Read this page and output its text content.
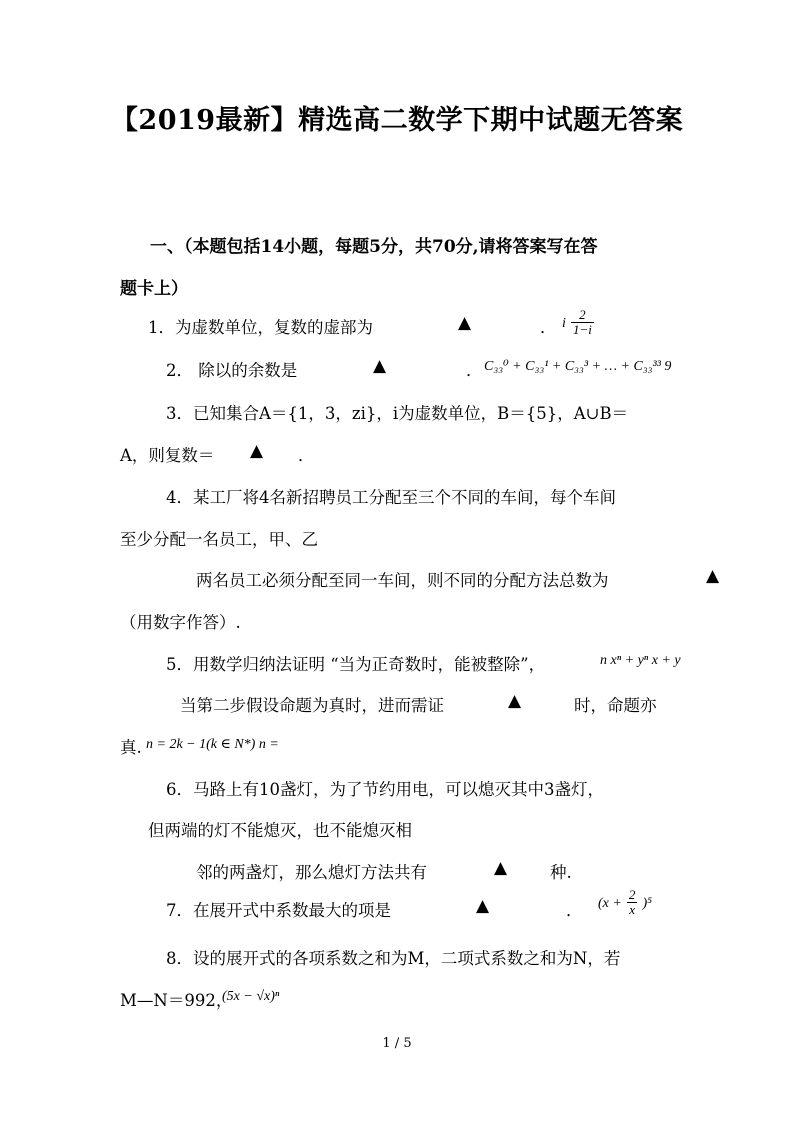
【2019最新】精选高二数学下期中试题无答案
一、（本题包括14小题，每题5分，共70分,请将答案写在答
题卡上）
1．为虚数单位，复数的虚部为	▲	． i $\frac{2}{1-i}$
2． 除以的余数是	▲	． C₃₃⁰ + C₃₃¹ + C₃₃³ + … + C₃₃³³ 9
3．已知集合A＝{1，3，zi}，i为虚数单位，B＝{5}，A∪B＝
A，则复数＝ ▲ ．
4．某工厂将4名新招聘员工分配至三个不同的车间，每个车间
至少分配一名员工，甲、乙
两名员工必须分配至同一车间，则不同的分配方法总数为	▲
（用数字作答）.
5．用数学归纳法证明 “当为正奇数时，能被整除”，	n xⁿ + yⁿ x + y
当第二步假设命题为真时，进而需证	▲	时，命题亦
真. n = 2k − 1(k ∈ N*) n =
6．马路上有10盏灯，为了节约用电，可以熄灭其中3盏灯，
但两端的灯不能熄灭，也不能熄灭相
邻的两盏灯，那么熄灯方法共有	▲	种.
7．在展开式中系数最大的项是	▲	． $(x + \frac{2}{x} )^5$
8．设的展开式的各项系数之和为M，二项式系数之和为N，若
M—N＝992，
(5x − √x)ⁿ
1 / 5
